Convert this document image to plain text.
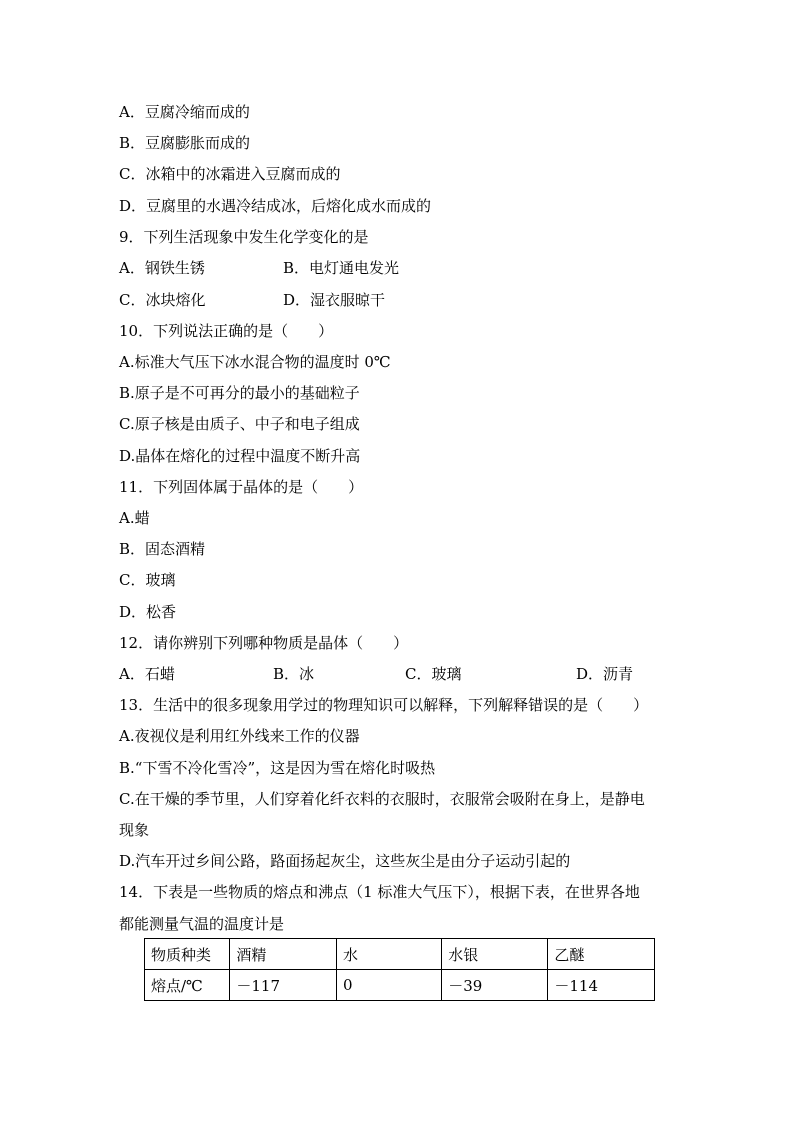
A．豆腐冷缩而成的
B．豆腐膨胀而成的
C．冰箱中的冰霜进入豆腐而成的
D．豆腐里的水遇冷结成冰，后熔化成水而成的
9．下列生活现象中发生化学变化的是
A．钢铁生锈	B．电灯通电发光
C．冰块熔化	D．湿衣服晾干
10．下列说法正确的是（　　）
A.标准大气压下冰水混合物的温度时 0℃
B.原子是不可再分的最小的基础粒子
C.原子核是由质子、中子和电子组成
D.晶体在熔化的过程中温度不断升高
11．下列固体属于晶体的是（　　）
A.蜡
B．固态酒精
C．玻璃
D．松香
12．请你辨别下列哪种物质是晶体（　　）
A．石蜡	B．冰	C．玻璃	D．沥青
13．生活中的很多现象用学过的物理知识可以解释，下列解释错误的是（　　）
A.夜视仪是利用红外线来工作的仪器
B.“下雪不冷化雪冷”，这是因为雪在熔化时吸热
C.在干燥的季节里，人们穿着化纤衣料的衣服时，衣服常会吸附在身上，是静电
现象
D.汽车开过乡间公路，路面扬起灰尘，这些灰尘是由分子运动引起的
14．下表是一些物质的熔点和沸点（1 标准大气压下），根据下表，在世界各地
都能测量气温的温度计是
物质种类	酒精	水	水银	乙醚
熔点/℃	－117	0	－39	－114
